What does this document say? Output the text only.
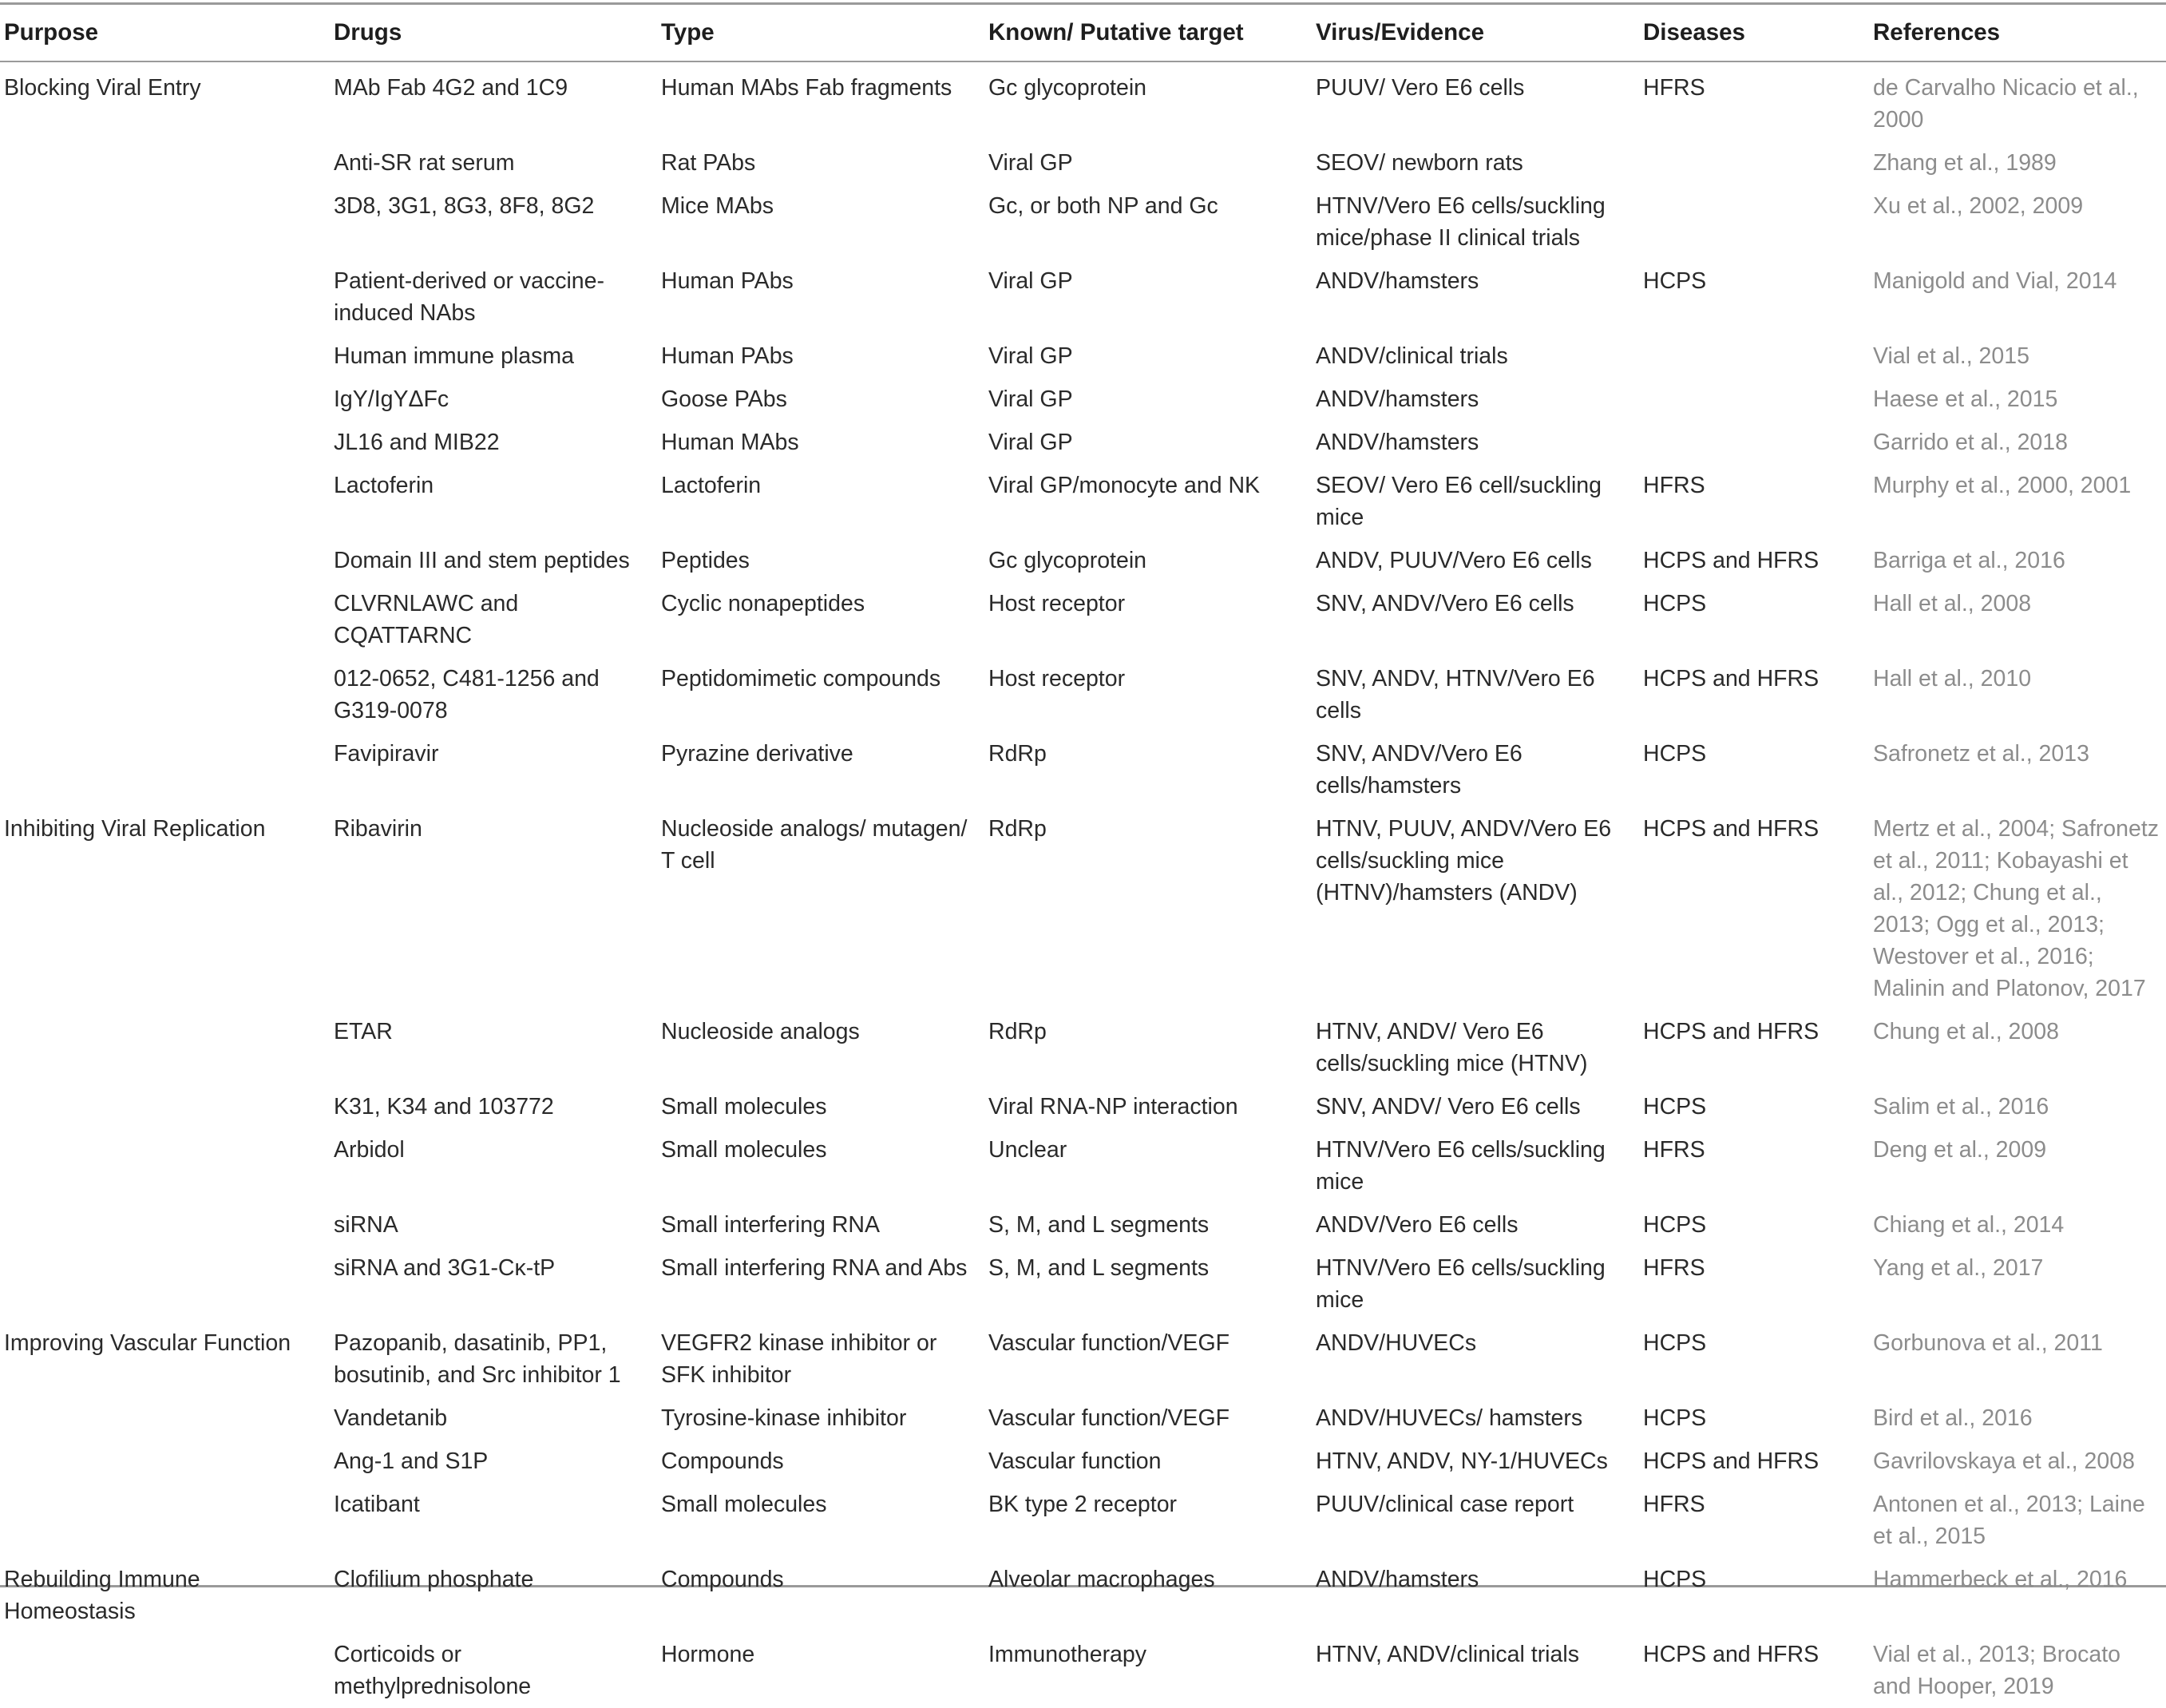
Purpose	Drugs	Type	Known/ Putative target	Virus/Evidence	Diseases	References
Blocking Viral Entry	MAb Fab 4G2 and 1C9	Human MAbs Fab fragments	Gc glycoprotein	PUUV/ Vero E6 cells	HFRS	de Carvalho Nicacio et al., 2000
	Anti-SR rat serum	Rat PAbs	Viral GP	SEOV/ newborn rats		Zhang et al., 1989
	3D8, 3G1, 8G3, 8F8, 8G2	Mice MAbs	Gc, or both NP and Gc	HTNV/Vero E6 cells/suckling mice/phase II clinical trials		Xu et al., 2002, 2009
	Patient-derived or vaccine-induced NAbs	Human PAbs	Viral GP	ANDV/hamsters	HCPS	Manigold and Vial, 2014
	Human immune plasma	Human PAbs	Viral GP	ANDV/clinical trials		Vial et al., 2015
	IgY/IgYΔFc	Goose PAbs	Viral GP	ANDV/hamsters		Haese et al., 2015
	JL16 and MIB22	Human MAbs	Viral GP	ANDV/hamsters		Garrido et al., 2018
	Lactoferin	Lactoferin	Viral GP/monocyte and NK	SEOV/ Vero E6 cell/suckling mice	HFRS	Murphy et al., 2000, 2001
	Domain III and stem peptides	Peptides	Gc glycoprotein	ANDV, PUUV/Vero E6 cells	HCPS and HFRS	Barriga et al., 2016
	CLVRNLAWC and CQATTARNC	Cyclic nonapeptides	Host receptor	SNV, ANDV/Vero E6 cells	HCPS	Hall et al., 2008
	012-0652, C481-1256 and G319-0078	Peptidomimetic compounds	Host receptor	SNV, ANDV, HTNV/Vero E6 cells	HCPS and HFRS	Hall et al., 2010
	Favipiravir	Pyrazine derivative	RdRp	SNV, ANDV/Vero E6 cells/hamsters	HCPS	Safronetz et al., 2013
Inhibiting Viral Replication	Ribavirin	Nucleoside analogs/ mutagen/ T cell	RdRp	HTNV, PUUV, ANDV/Vero E6 cells/suckling mice (HTNV)/hamsters (ANDV)	HCPS and HFRS	Mertz et al., 2004; Safronetz et al., 2011; Kobayashi et al., 2012; Chung et al., 2013; Ogg et al., 2013; Westover et al., 2016; Malinin and Platonov, 2017
	ETAR	Nucleoside analogs	RdRp	HTNV, ANDV/ Vero E6 cells/suckling mice (HTNV)	HCPS and HFRS	Chung et al., 2008
	K31, K34 and 103772	Small molecules	Viral RNA-NP interaction	SNV, ANDV/ Vero E6 cells	HCPS	Salim et al., 2016
	Arbidol	Small molecules	Unclear	HTNV/Vero E6 cells/suckling mice	HFRS	Deng et al., 2009
	siRNA	Small interfering RNA	S, M, and L segments	ANDV/Vero E6 cells	HCPS	Chiang et al., 2014
	siRNA and 3G1-Cκ-tP	Small interfering RNA and Abs	S, M, and L segments	HTNV/Vero E6 cells/suckling mice	HFRS	Yang et al., 2017
Improving Vascular Function	Pazopanib, dasatinib, PP1, bosutinib, and Src inhibitor 1	VEGFR2 kinase inhibitor or SFK inhibitor	Vascular function/VEGF	ANDV/HUVECs	HCPS	Gorbunova et al., 2011
	Vandetanib	Tyrosine-kinase inhibitor	Vascular function/VEGF	ANDV/HUVECs/ hamsters	HCPS	Bird et al., 2016
	Ang-1 and S1P	Compounds	Vascular function	HTNV, ANDV, NY-1/HUVECs	HCPS and HFRS	Gavrilovskaya et al., 2008
	Icatibant	Small molecules	BK type 2 receptor	PUUV/clinical case report	HFRS	Antonen et al., 2013; Laine et al., 2015
Rebuilding Immune Homeostasis	Clofilium phosphate	Compounds	Alveolar macrophages	ANDV/hamsters	HCPS	Hammerbeck et al., 2016
	Corticoids or methylprednisolone	Hormone	Immunotherapy	HTNV, ANDV/clinical trials	HCPS and HFRS	Vial et al., 2013; Brocato and Hooper, 2019
